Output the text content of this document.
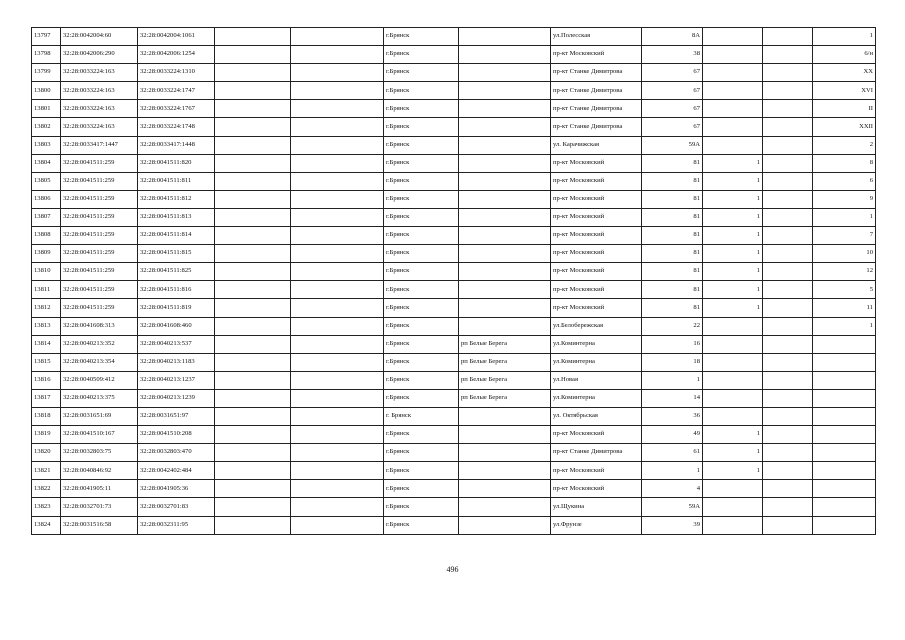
13797	32:28:0042004:60	32:28:0042004:1061			г.Брянск		ул.Полесская	8А			1
13798	32:28:0042006:290	32:28:0042006:1254			г.Брянск		пр-кт Московский	38			6/н
13799	32:28:0033224:163	32:28:0033224:1310			г.Брянск		пр-кт Станке Димитрова	67			XX
13800	32:28:0033224:163	32:28:0033224:1747			г.Брянск		пр-кт Станке Димитрова	67			XVI
13801	32:28:0033224:163	32:28:0033224:1767			г.Брянск		пр-кт Станке Димитрова	67			II
13802	32:28:0033224:163	32:28:0033224:1748			г.Брянск		пр-кт Станке Димитрова	67			XXII
13803	32:28:0033417:1447	32:28:0033417:1448			г.Брянск		ул. Карачижская	59А			2
13804	32:28:0041511:259	32:28:0041511:820			г.Брянск		пр-кт Московский	81	1		8
13805	32:28:0041511:259	32:28:0041511:811			г.Брянск		пр-кт Московский	81	1		6
13806	32:28:0041511:259	32:28:0041511:812			г.Брянск		пр-кт Московский	81	1		9
13807	32:28:0041511:259	32:28:0041511:813			г.Брянск		пр-кт Московский	81	1		1
13808	32:28:0041511:259	32:28:0041511:814			г.Брянск		пр-кт Московский	81	1		7
13809	32:28:0041511:259	32:28:0041511:815			г.Брянск		пр-кт Московский	81	1		10
13810	32:28:0041511:259	32:28:0041511:825			г.Брянск		пр-кт Московский	81	1		12
13811	32:28:0041511:259	32:28:0041511:816			г.Брянск		пр-кт Московский	81	1		5
13812	32:28:0041511:259	32:28:0041511:819			г.Брянск		пр-кт Московский	81	1		11
13813	32:28:0041608:313	32:28:0041608:460			г.Брянск		ул.Белобережская	22			1
13814	32:28:0040213:352	32:28:0040213:537			г.Брянск	рп Белые Берега	ул.Коминтерна	16			
13815	32:28:0040213:354	32:28:0040213:1183			г.Брянск	рп Белые Берега	ул.Коминтерна	18			
13816	32:28:0040509:412	32:28:0040213:1237			г.Брянск	рп Белые Берега	ул.Новая	1			
13817	32:28:0040213:375	32:28:0040213:1239			г.Брянск	рп Белые Берега	ул.Коминтерна	14			
13818	32:28:0031651:69	32:28:0031651:97			г. Брянск		ул. Октябрьская	36			
13819	32:28:0041510:167	32:28:0041510:208			г.Брянск		пр-кт Московский	49	1		
13820	32:28:0032803:75	32:28:0032803:470			г.Брянск		пр-кт Станке Димитрова	61	1		
13821	32:28:0040846:92	32:28:0042402:484			г.Брянск		пр-кт Московский	1	1		
13822	32:28:0041905:11	32:28:0041905:36			г.Брянск		пр-кт Московский	4			
13823	32:28:0032701:73	32:28:0032701:83			г.Брянск		ул.Щукина	59А			
13824	32:28:0031516:58	32:28:0032311:95			г.Брянск		ул.Фрунзе	39			
496
